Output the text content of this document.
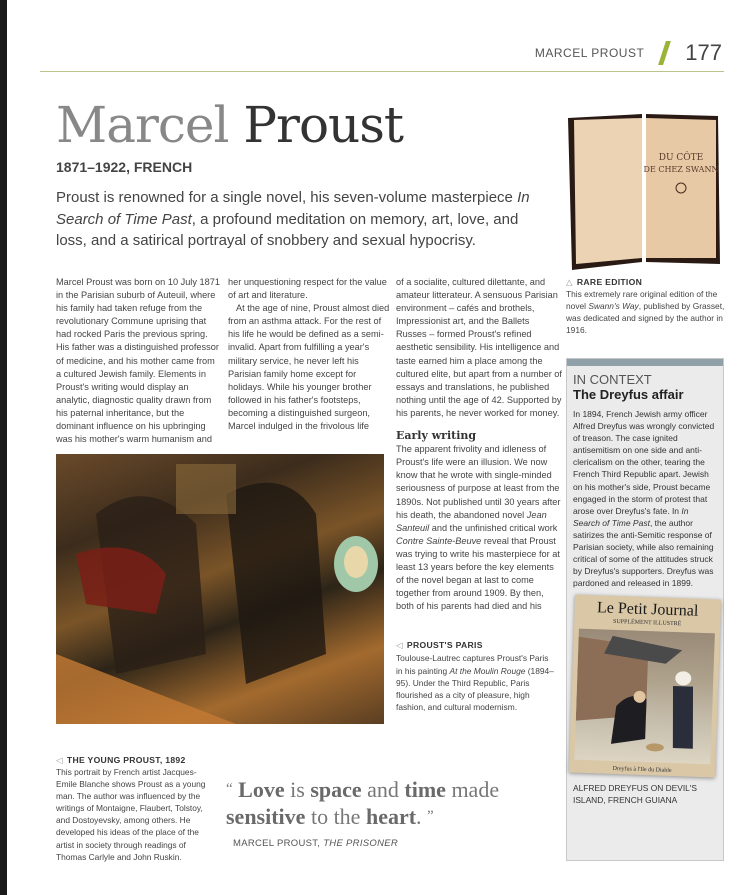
MARCEL PROUST 177
Marcel Proust
1871–1922, FRENCH
Proust is renowned for a single novel, his seven-volume masterpiece In Search of Time Past, a profound meditation on memory, art, love, and loss, and a satirical portrayal of snobbery and sexual hypocrisy.

Marcel Proust was born on 10 July 1871 in the Parisian suburb of Auteuil, where his family had taken refuge from the revolutionary Commune uprising that had rocked Paris the previous spring. His father was a distinguished professor of medicine, and his mother came from a cultured Jewish family. Elements in Proust's writing would display an analytic, diagnostic quality drawn from his paternal inheritance, but the dominant influence on his upbringing was his mother's warm humanism and her unquestioning respect for the value of art and literature.

At the age of nine, Proust almost died from an asthma attack. For the rest of his life he would be defined as a semi-invalid. Apart from fulfilling a year's military service, he never left his Parisian family home except for holidays. While his younger brother followed in his father's footsteps, becoming a distinguished surgeon, Marcel indulged in the frivolous life

of a socialite, cultured dilettante, and amateur litterateur. A sensuous Parisian environment – cafés and brothels, Impressionist art, and the Ballets Russes – formed Proust's refined aesthetic sensibility. His intelligence and taste earned him a place among the cultured elite, but apart from a number of essays and translations, he published nothing until the age of 42. Supported by his parents, he never worked for money.

Early writing

The apparent frivolity and idleness of Proust's life were an illusion. We now know that he wrote with single-minded seriousness of purpose at least from the 1890s. Not published until 30 years after his death, the abandoned novel Jean Santeuil and the unfinished critical work Contre Sainte-Beuve reveal that Proust was trying to write his masterpiece for at least 13 years before the key elements of the novel began at last to come together from around 1909. By then, both of his parents had died and his

◁ PROUST'S PARIS

Toulouse-Lautrec captures Proust's Paris in his painting At the Moulin Rouge (1894–95). Under the Third Republic, Paris flourished as a city of pleasure, high fashion, and cultural modernism.

◁ THE YOUNG PROUST, 1892

This portrait by French artist Jacques-Emile Blanche shows Proust as a young man. The author was influenced by the writings of Montaigne, Flaubert, Tolstoy, and Dostoyevsky, among others. He developed his ideas of the place of the artist in society through readings of Thomas Carlyle and John Ruskin.

“ Love is space and time made
sensitive to the heart. ”
MARCEL PROUST, THE PRISONER
DU CÔTE
DE CHEZ SWANN
△ RARE EDITION

This extremely rare original edition of the novel Swann's Way, published by Grasset, was dedicated and signed by the author in 1916.

IN CONTEXT
The Dreyfus affair
In 1894, French Jewish army officer Alfred Dreyfus was wrongly convicted of treason. The case ignited antisemitism on one side and anti-clericalism on the other, tearing the French Third Republic apart. Jewish on his mother's side, Proust became engaged in the storm of protest that arose over Dreyfus's fate. In In Search of Time Past, the author satirizes the anti-Semitic response of Parisian society, while also remaining critical of some of the attitudes struck by Dreyfus's supporters. Dreyfus was pardoned and released in 1899.
Le Petit Journal
SUPPLÉMENT ILLUSTRÉ
Dreyfus à l'Ile du Diable
ALFRED DREYFUS ON DEVIL'S ISLAND, FRENCH GUIANA
